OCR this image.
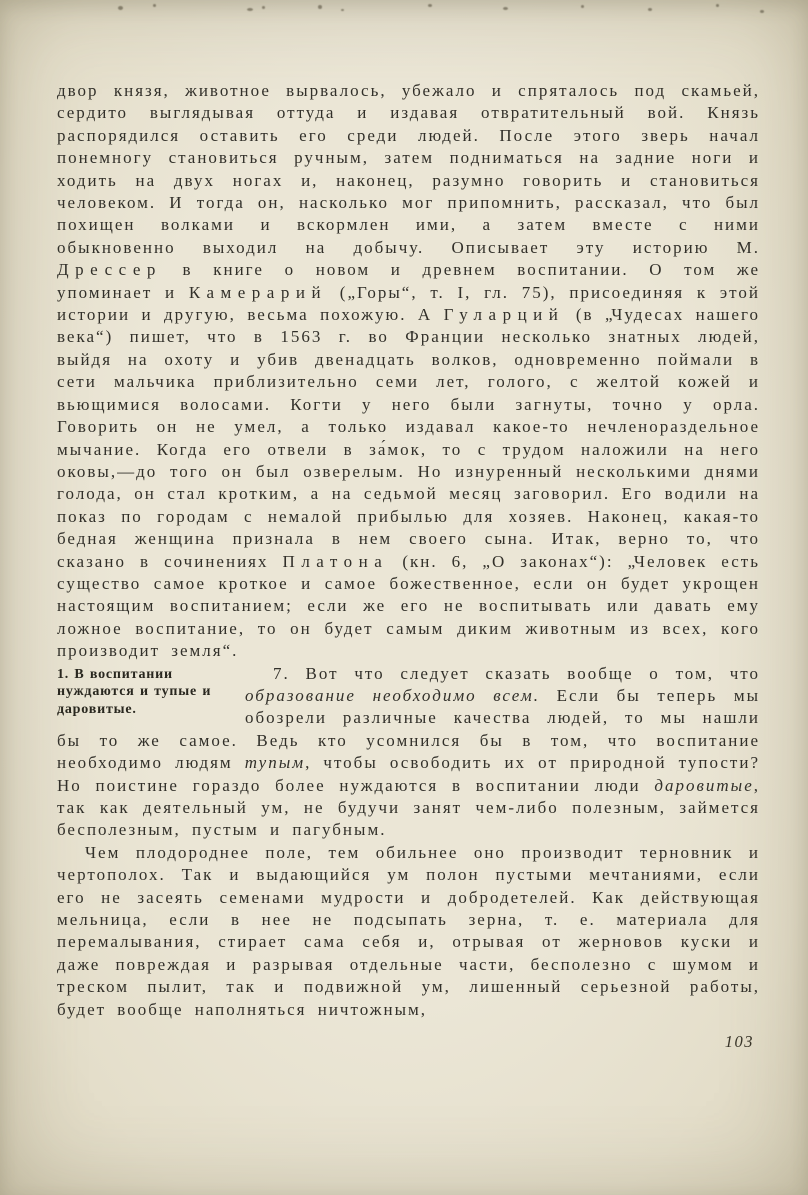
двор князя, животное вырвалось, убежало и спряталось под скамьей, сердито выглядывая оттуда и издавая отвратительный вой. Князь распорядился оставить его среди людей. После этого зверь начал понемногу становиться ручным, затем подниматься на задние ноги и ходить на двух ногах и, наконец, разумно говорить и становиться человеком. И тогда он, насколько мог припомнить, рассказал, что был похищен волками и вскормлен ими, а затем вместе с ними обыкновенно выходил на добычу. Описывает эту историю М. Дрессер в книге о новом и древнем воспитании. О том же упоминает и Камерарий („Горы“, т. I, гл. 75), присоединяя к этой истории и другую, весьма похожую. А Гуларций (в „Чудесах нашего века“) пишет, что в 1563 г. во Франции несколько знатных людей, выйдя на охоту и убив двенадцать волков, одновременно поймали в сети мальчика приблизительно семи лет, голого, с желтой кожей и вьющимися волосами. Когти у него были загнуты, точно у орла. Говорить он не умел, а только издавал какое-то нечленораздельное мычание. Когда его отвели в за́мок, то с трудом наложили на него оковы,—до того он был озверелым. Но изнуренный несколькими днями голода, он стал кротким, а на седьмой месяц заговорил. Его водили на показ по городам с немалой прибылью для хозяев. Наконец, какая-то бедная женщина признала в нем своего сына. Итак, верно то, что сказано в сочинениях Платона (кн. 6, „О законах“): „Человек есть существо самое кроткое и самое божественное, если он будет укрощен настоящим воспитанием; если же его не воспитывать или давать ему ложное воспитание, то он будет самым диким животным из всех, кого производит земля“.

1. В воспитании нуждаются и тупые и даровитые.

7. Вот что следует сказать вообще о том, что образование необходимо всем. Если бы теперь мы обозрели различные качества людей, то мы нашли бы то же самое. Ведь кто усомнился бы в том, что воспитание необходимо людям тупым, чтобы освободить их от природной тупости? Но поистине гораздо более нуждаются в воспитании люди даровитые, так как деятельный ум, не будучи занят чем-либо полезным, займется бесполезным, пустым и пагубным.

Чем плодороднее поле, тем обильнее оно производит терновник и чертополох. Так и выдающийся ум полон пустыми мечтаниями, если его не засеять семенами мудрости и добродетелей. Как действующая мельница, если в нее не подсыпать зерна, т. е. материала для перемалывания, стирает сама себя и, отрывая от жерновов куски и даже повреждая и разрывая отдельные части, бесполезно с шумом и треском пылит, так и подвижной ум, лишенный серьезной работы, будет вообще наполняться ничтожным,

103
